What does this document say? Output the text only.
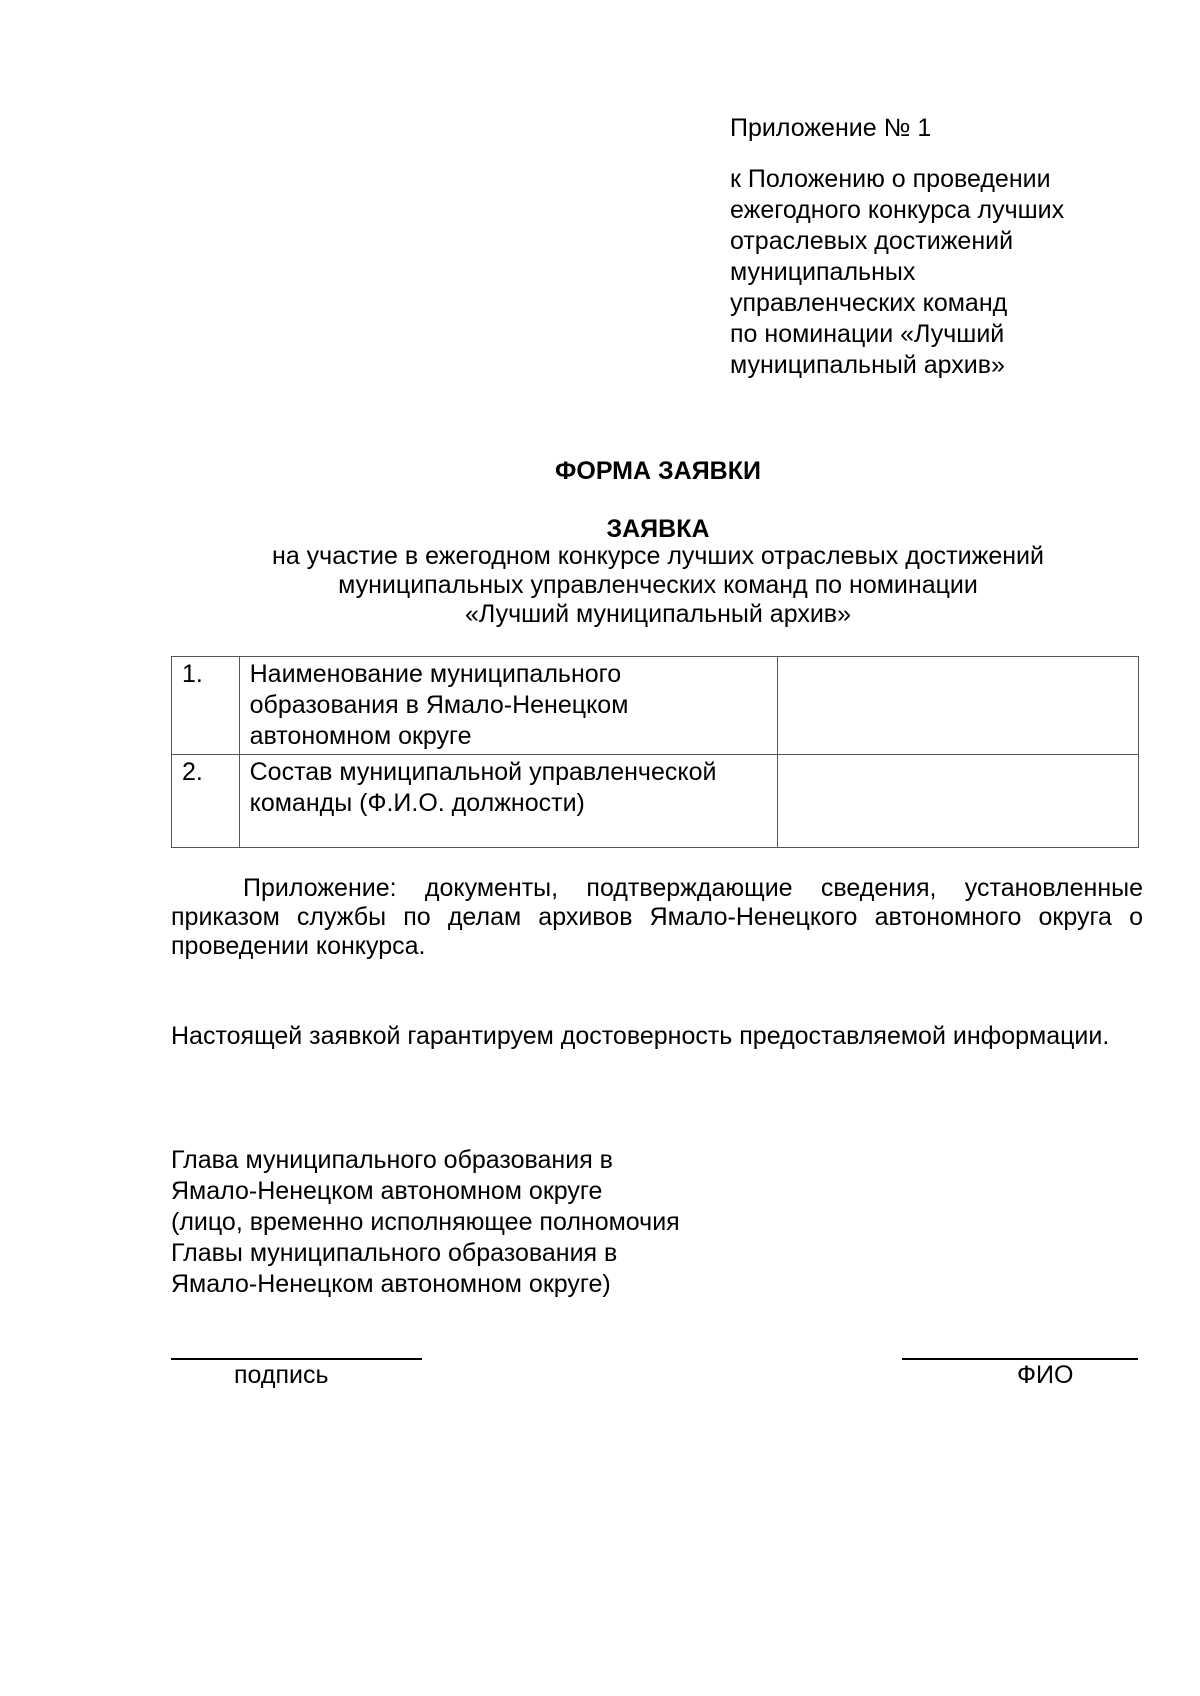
Приложение № 1
к Положению о проведении
ежегодного конкурса лучших
отраслевых достижений
муниципальных
управленческих команд
по номинации «Лучший
муниципальный архив»
ФОРМА ЗАЯВКИ
ЗАЯВКА
на участие в ежегодном конкурсе лучших отраслевых достижений
муниципальных управленческих команд по номинации
«Лучший муниципальный архив»
1.	Наименование муниципального образования в Ямало-Ненецком автономном округе	
2.	Состав муниципальной управленческой команды (Ф.И.О. должности)	
Приложение: документы, подтверждающие сведения, установленные приказом службы по делам архивов Ямало-Ненецкого автономного округа о проведении конкурса.
Настоящей заявкой гарантируем достоверность предоставляемой информации.
Глава муниципального образования в
Ямало-Ненецком автономном округе
(лицо, временно исполняющее полномочия
Главы муниципального образования в
Ямало-Ненецком автономном округе)
подпись	ФИО
